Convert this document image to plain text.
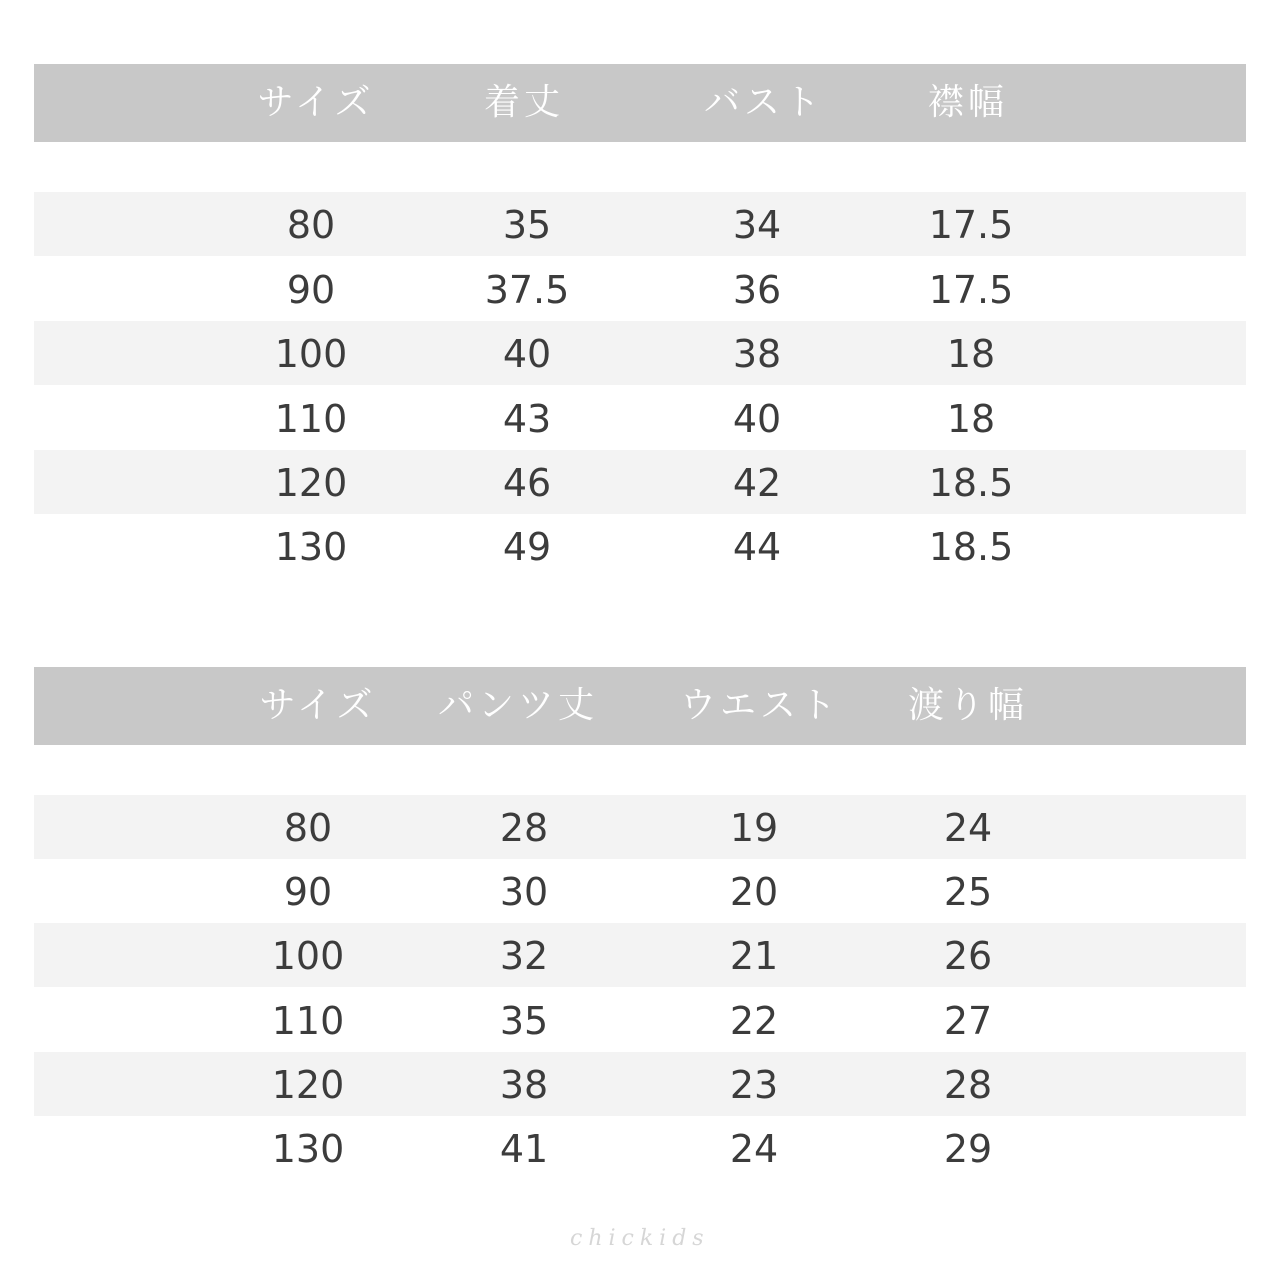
サイズ	着丈	バスト	襟幅
80	35	34	17.5
90	37.5	36	17.5
100	40	38	18
110	43	40	18
120	46	42	18.5
130	49	44	18.5
サイズ パンツ丈 ウエスト 渡り幅
80	28	19	24
90	30	20	25
100	32	21	26
110	35	22	27
120	38	23	28
130	41	24	29
chickids
